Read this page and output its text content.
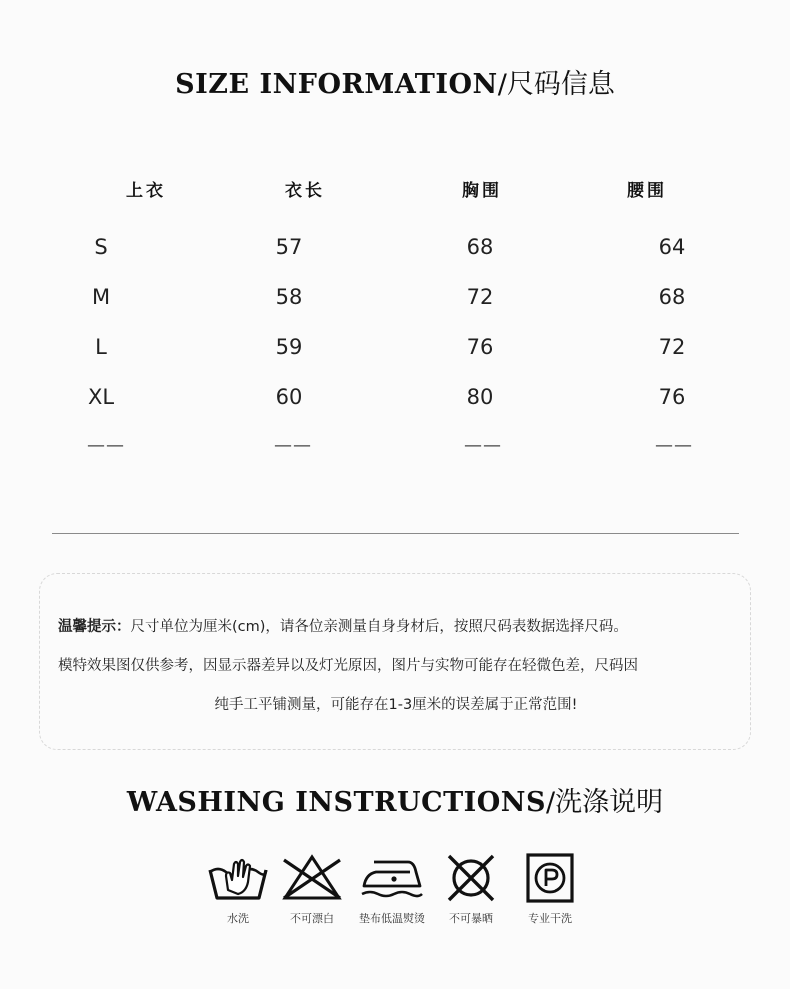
SIZE INFORMATION/尺码信息
上衣	衣长	胸围	腰围
S	57	68	64
M	58	72	68
L	59	76	72
XL	60	80	76
——	——	——	——

温馨提示：尺寸单位为厘米(cm)，请各位亲测量自身身材后，按照尺码表数据选择尺码。

模特效果图仅供参考，因显示器差异以及灯光原因，图片与实物可能存在轻微色差，尺码因

纯手工平铺测量，可能存在1-3厘米的误差属于正常范围!

WASHING INSTRUCTIONS/洗涤说明
水洗	不可漂白	垫布低温熨烫	不可暴晒	专业干洗
